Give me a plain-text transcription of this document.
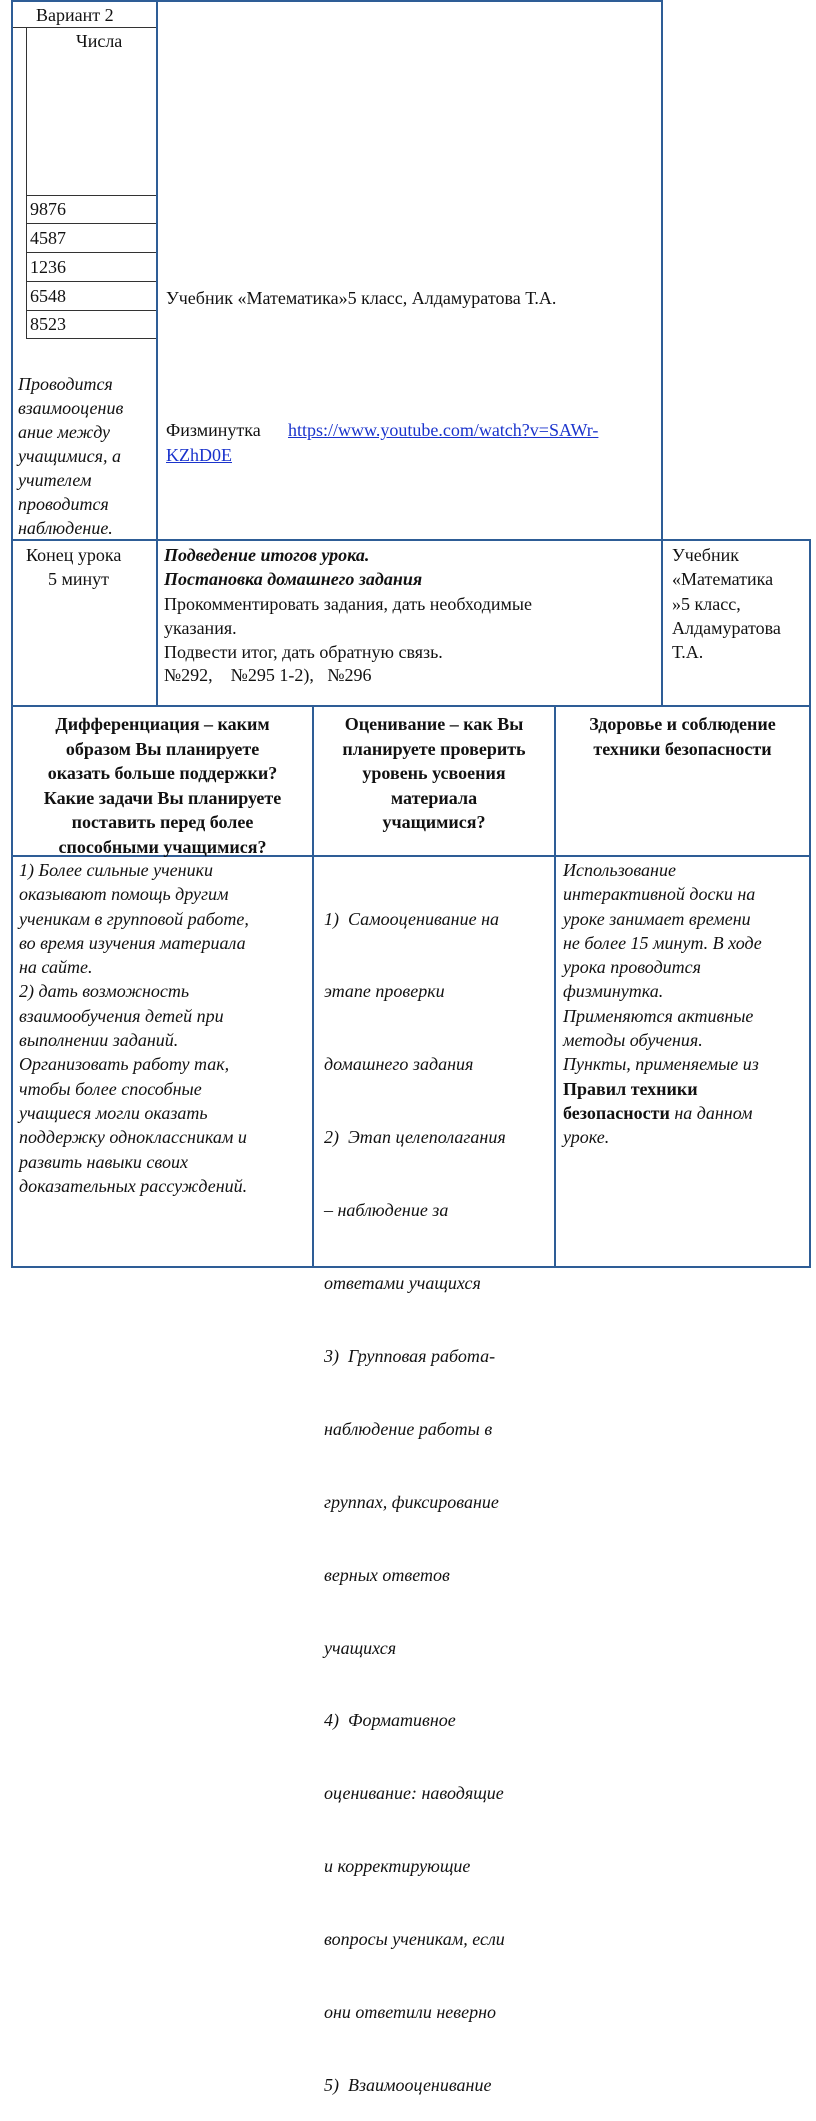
Вариант 2
Числа
9876
4587
1236
6548
8523
Проводится
взаимооценив
ание между
учащимися, а
учителем
проводится
наблюдение.
Учебник «Математика»5 класс, Алдамуратова Т.А.
Физминутка https://www.youtube.com/watch?v=SAWr-
KZhD0E
Конец урока
5 минут
Подведение итогов урока.
Постановка домашнего задания
Прокомментировать задания, дать необходимые
указания.
Подвести итог, дать обратную связь.
№292,    №295 1-2),   №296
Учебник
«Математика
»5 класс,
Алдамуратова
Т.А.
Дифференциация – каким
образом Вы планируете
оказать больше поддержки?
Какие задачи Вы планируете
поставить перед более
способными учащимися?
Оценивание – как Вы
планируете проверить
уровень усвоения
материала
учащимися?
Здоровье и соблюдение
техники безопасности
1) Более сильные ученики
оказывают помощь другим
ученикам в групповой работе,
во время изучения материала
на сайте.
2) дать возможность
взаимообучения детей при
выполнении заданий.
Организовать работу так,
чтобы более способные
учащиеся могли оказать
поддержку одноклассникам и
развить навыки своих
доказательных рассуждений.

1)  Самооценивание на

этапе проверки

домашнего задания

2)  Этап целеполагания

– наблюдение за

ответами учащихся

3)  Групповая работа-

наблюдение работы в

группах, фиксирование

верных ответов

учащихся

4)  Формативное

оценивание: наводящие

и корректирующие

вопросы ученикам, если

они ответили неверно

5)  Взаимооценивание

Использование
интерактивной доски на
уроке занимает времени
не более 15 минут. В ходе
урока проводится
физминутка.
Применяются активные
методы обучения.
Пункты, применяемые из
Правил техники
безопасности на данном
уроке.
